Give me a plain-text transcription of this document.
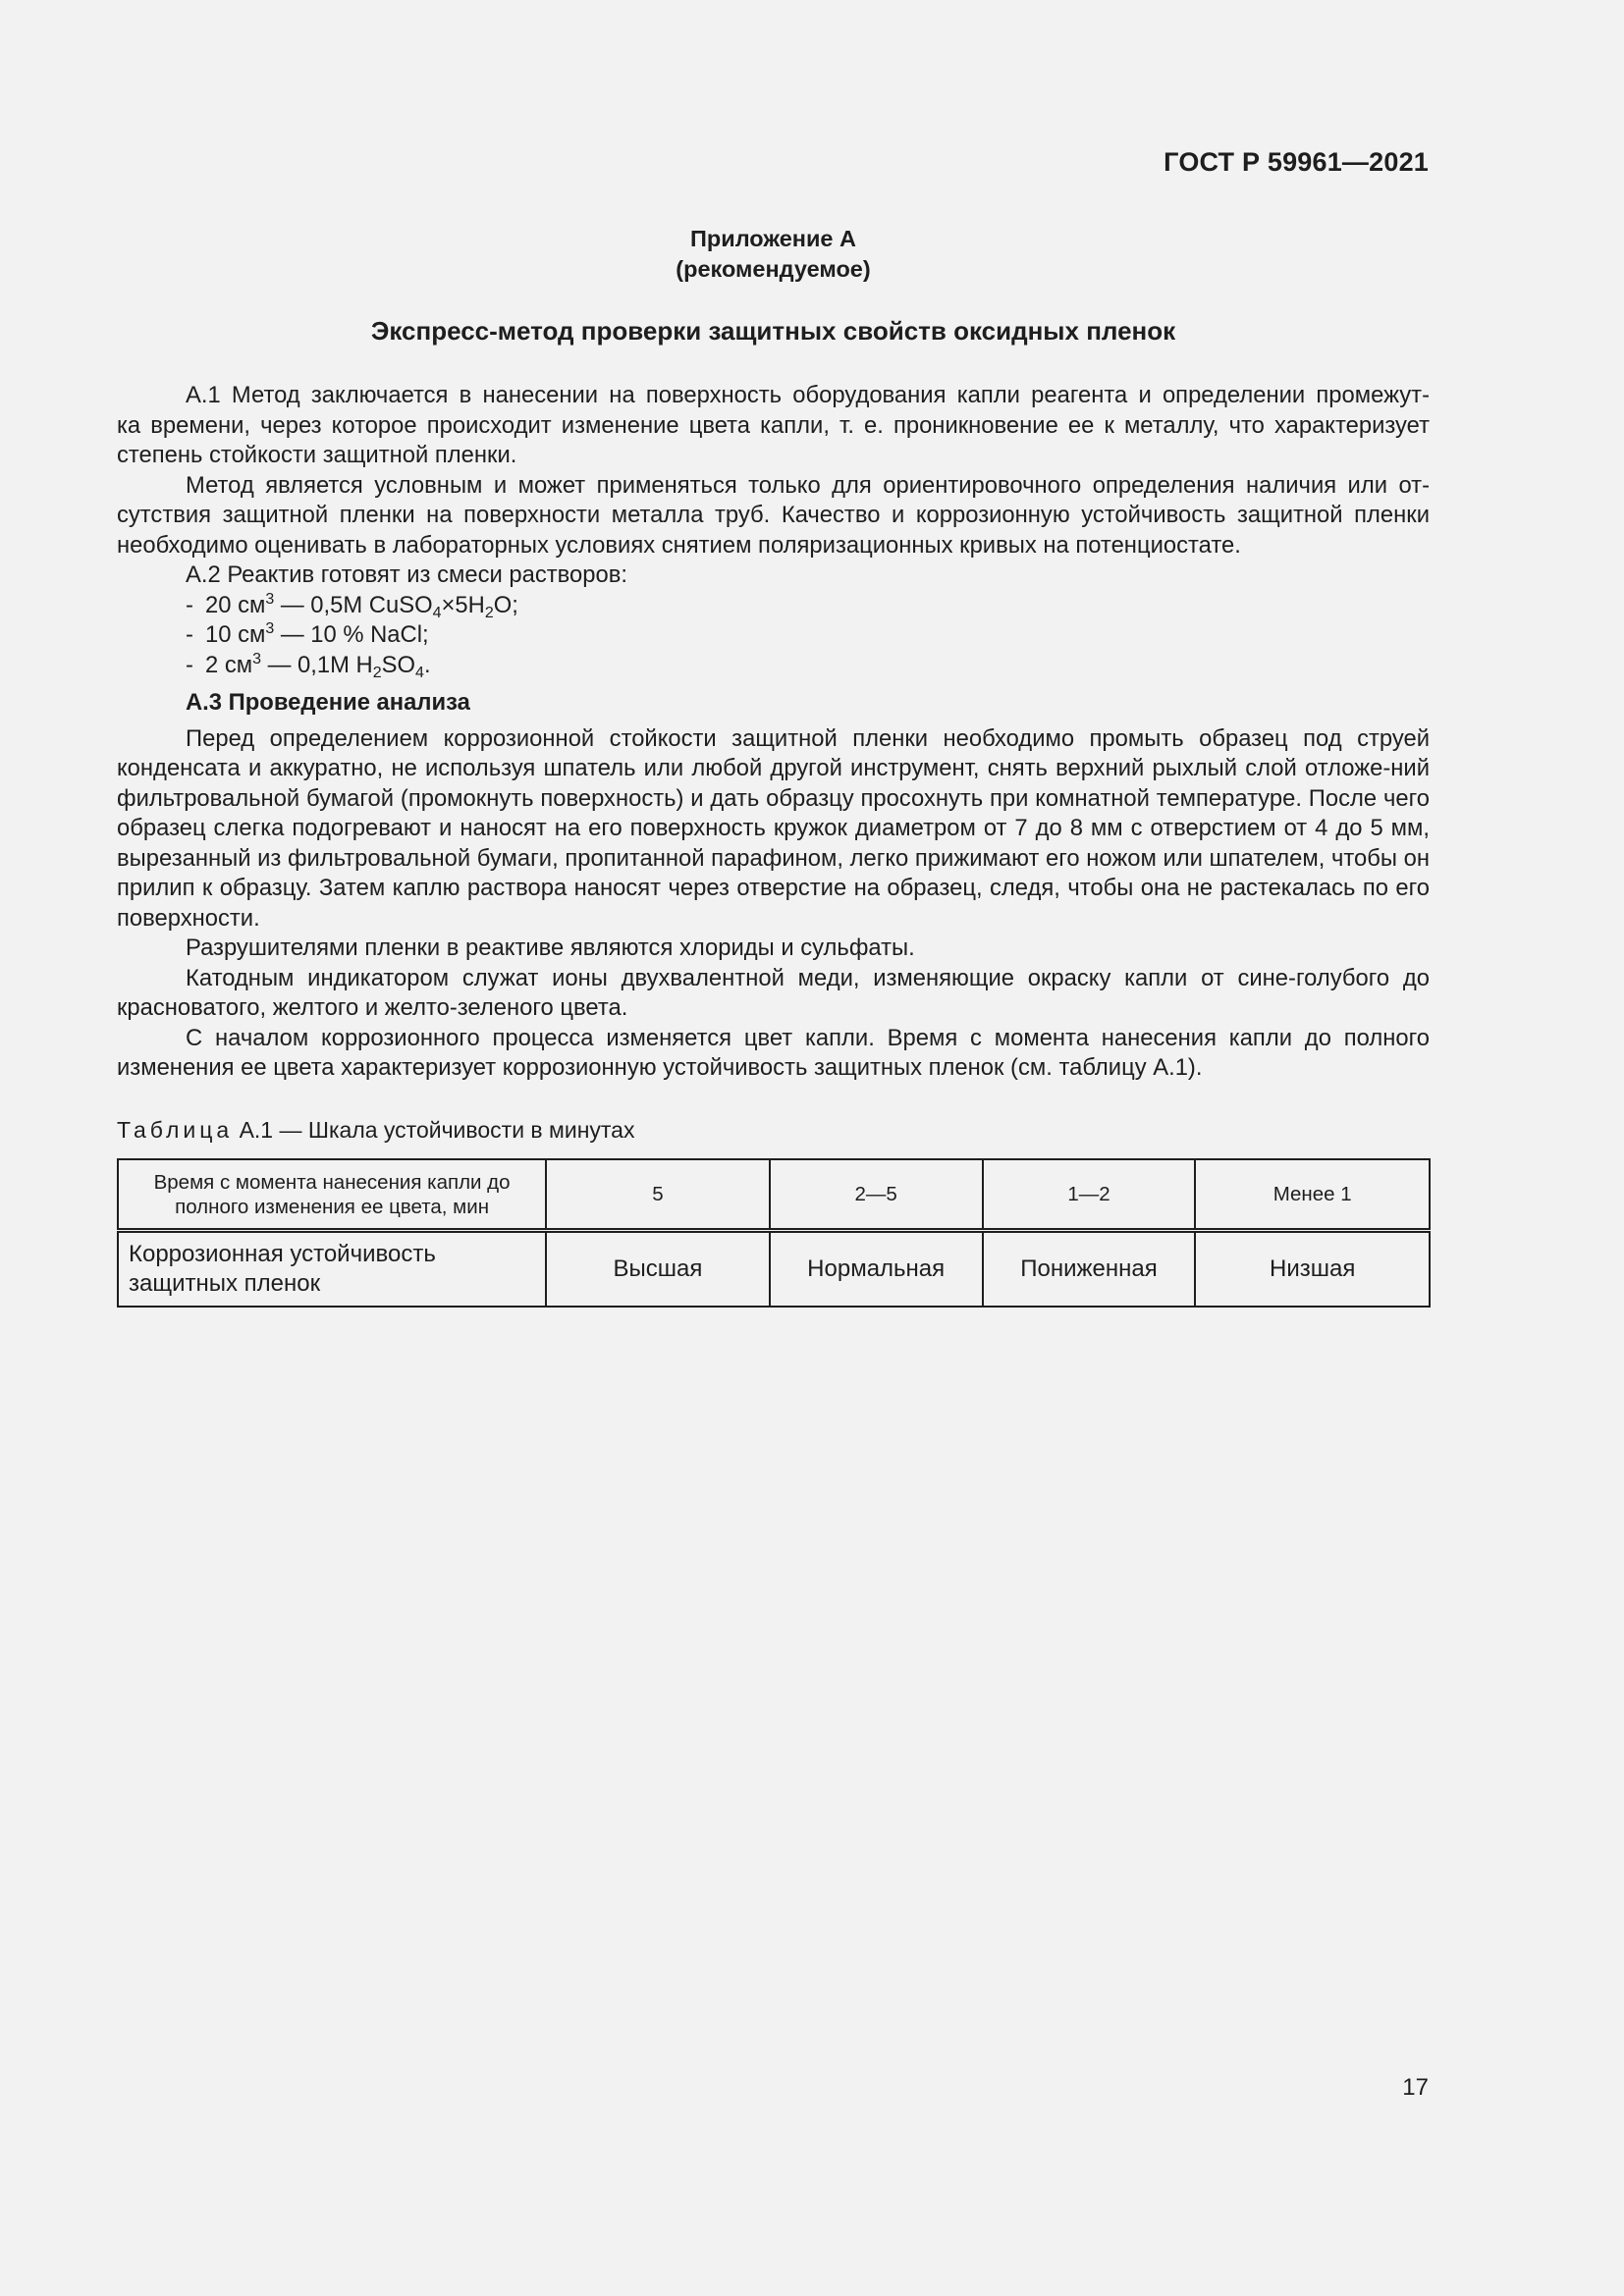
ГОСТ Р 59961—2021
Приложение А
(рекомендуемое)
Экспресс-метод проверки защитных свойств оксидных пленок

А.1 Метод заключается в нанесении на поверхность оборудования капли реагента и определении промежут-

ка времени, через которое происходит изменение цвета капли, т. е. проникновение ее к металлу, что характеризует степень стойкости защитной пленки.

Метод является условным и может применяться только для ориентировочного определения наличия или от-сутствия защитной пленки на поверхности металла труб. Качество и коррозионную устойчивость защитной пленки необходимо оценивать в лабораторных условиях снятием поляризационных кривых на потенциостате.

А.2 Реактив готовят из смеси растворов:

- 20 $см^3$ — 0,5М $CuSO_4\times 5H_2O$;

- 10 $см^3$ — 10 % NaCl;

- 2 $см^3$ — 0,1М $H_2SO_4$.

А.3 Проведение анализа

Перед определением коррозионной стойкости защитной пленки необходимо промыть образец под струей конденсата и аккуратно, не используя шпатель или любой другой инструмент, снять верхний рыхлый слой отложе-ний фильтровальной бумагой (промокнуть поверхность) и дать образцу просохнуть при комнатной температуре. После чего образец слегка подогревают и наносят на его поверхность кружок диаметром от 7 до 8 мм с отверстием от 4 до 5 мм, вырезанный из фильтровальной бумаги, пропитанной парафином, легко прижимают его ножом или шпателем, чтобы он прилип к образцу. Затем каплю раствора наносят через отверстие на образец, следя, чтобы она не растекалась по его поверхности.

Разрушителями пленки в реактиве являются хлориды и сульфаты.

Катодным индикатором служат ионы двухвалентной меди, изменяющие окраску капли от сине-голубого до красноватого, желтого и желто-зеленого цвета.

С началом коррозионного процесса изменяется цвет капли. Время с момента нанесения капли до полного изменения ее цвета характеризует коррозионную устойчивость защитных пленок (см. таблицу А.1).

Таблица А.1 — Шкала устойчивости в минутах
Время с момента нанесения капли до полного изменения ее цвета, мин	5	2—5	1—2	Менее 1
Коррозионная устойчивость защитных пленок	Высшая	Нормальная	Пониженная	Низшая
17
